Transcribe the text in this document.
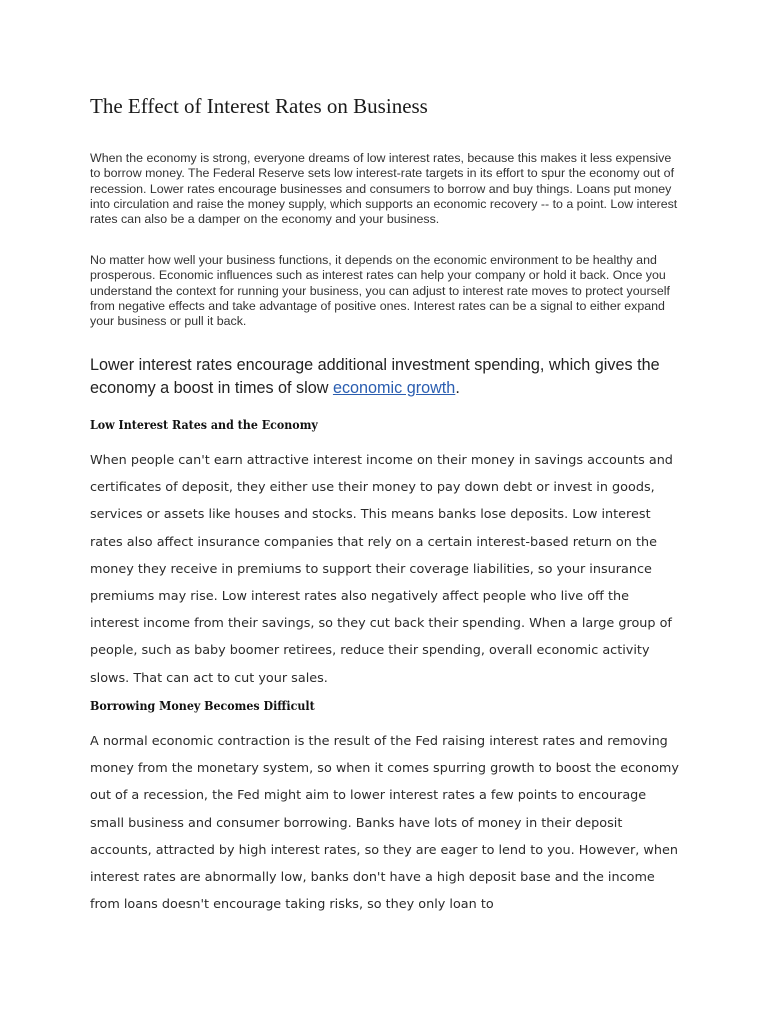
The Effect of Interest Rates on Business

When the economy is strong, everyone dreams of low interest rates, because this makes it less expensive to borrow money. The Federal Reserve sets low interest-rate targets in its effort to spur the economy out of recession. Lower rates encourage businesses and consumers to borrow and buy things. Loans put money into circulation and raise the money supply, which supports an economic recovery -- to a point. Low interest rates can also be a damper on the economy and your business.

No matter how well your business functions, it depends on the economic environment to be healthy and prosperous. Economic influences such as interest rates can help your company or hold it back. Once you understand the context for running your business, you can adjust to interest rate moves to protect yourself from negative effects and take advantage of positive ones. Interest rates can be a signal to either expand your business or pull it back.

Lower interest rates encourage additional investment spending, which gives the economy a boost in times of slow economic growth.

Low Interest Rates and the Economy

When people can't earn attractive interest income on their money in savings accounts and certificates of deposit, they either use their money to pay down debt or invest in goods, services or assets like houses and stocks. This means banks lose deposits. Low interest rates also affect insurance companies that rely on a certain interest-based return on the money they receive in premiums to support their coverage liabilities, so your insurance premiums may rise. Low interest rates also negatively affect people who live off the interest income from their savings, so they cut back their spending. When a large group of people, such as baby boomer retirees, reduce their spending, overall economic activity slows. That can act to cut your sales.

Borrowing Money Becomes Difficult

A normal economic contraction is the result of the Fed raising interest rates and removing money from the monetary system, so when it comes spurring growth to boost the economy out of a recession, the Fed might aim to lower interest rates a few points to encourage small business and consumer borrowing. Banks have lots of money in their deposit accounts, attracted by high interest rates, so they are eager to lend to you. However, when interest rates are abnormally low, banks don't have a high deposit base and the income from loans doesn't encourage taking risks, so they only loan to
